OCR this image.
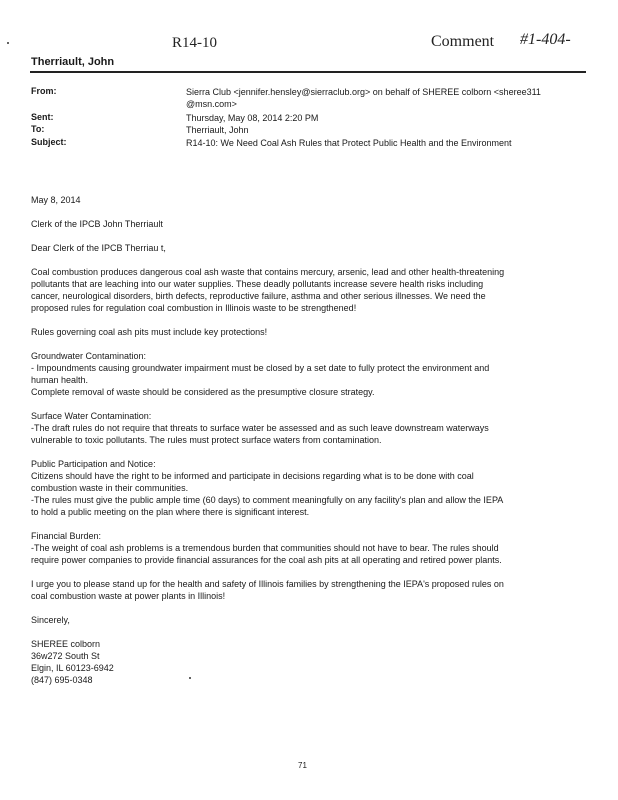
R14-10	Comment #1-404-
Therriault, John
From:	Sierra Club <jennifer.hensley@sierraclub.org> on behalf of SHEREE colborn <sheree311
@msn.com>
Sent:	Thursday, May 08, 2014 2:20 PM
To:	Therriault, John
Subject:	R14-10: We Need Coal Ash Rules that Protect Public Health and the Environment

May 8, 2014

Clerk of the IPCB John Therriault

Dear Clerk of the IPCB Therriau t,

Coal combustion produces dangerous coal ash waste that contains mercury, arsenic, lead and other health-threatening
pollutants that are leaching into our water supplies. These deadly pollutants increase severe health risks including
cancer, neurological disorders, birth defects, reproductive failure, asthma and other serious illnesses. We need the
proposed rules for regulation coal combustion in Illinois waste to be strengthened!

Rules governing coal ash pits must include key protections!

Groundwater Contamination:
- Impoundments causing groundwater impairment must be closed by a set date to fully protect the environment and
human health.
Complete removal of waste should be considered as the presumptive closure strategy.

Surface Water Contamination:
-The draft rules do not require that threats to surface water be assessed and as such leave downstream waterways
vulnerable to toxic pollutants. The rules must protect surface waters from contamination.

Public Participation and Notice:
Citizens should have the right to be informed and participate in decisions regarding what is to be done with coal
combustion waste in their communities.
-The rules must give the public ample time (60 days) to comment meaningfully on any facility's plan and allow the IEPA
to hold a public meeting on the plan where there is significant interest.

Financial Burden:
-The weight of coal ash problems is a tremendous burden that communities should not have to bear. The rules should
require power companies to provide financial assurances for the coal ash pits at all operating and retired power plants.

I urge you to please stand up for the health and safety of Illinois families by strengthening the IEPA's proposed rules on
coal combustion waste at power plants in Illinois!

Sincerely,

SHEREE colborn
36w272 South St
Elgin, IL 60123-6942
(847) 695-0348

71
